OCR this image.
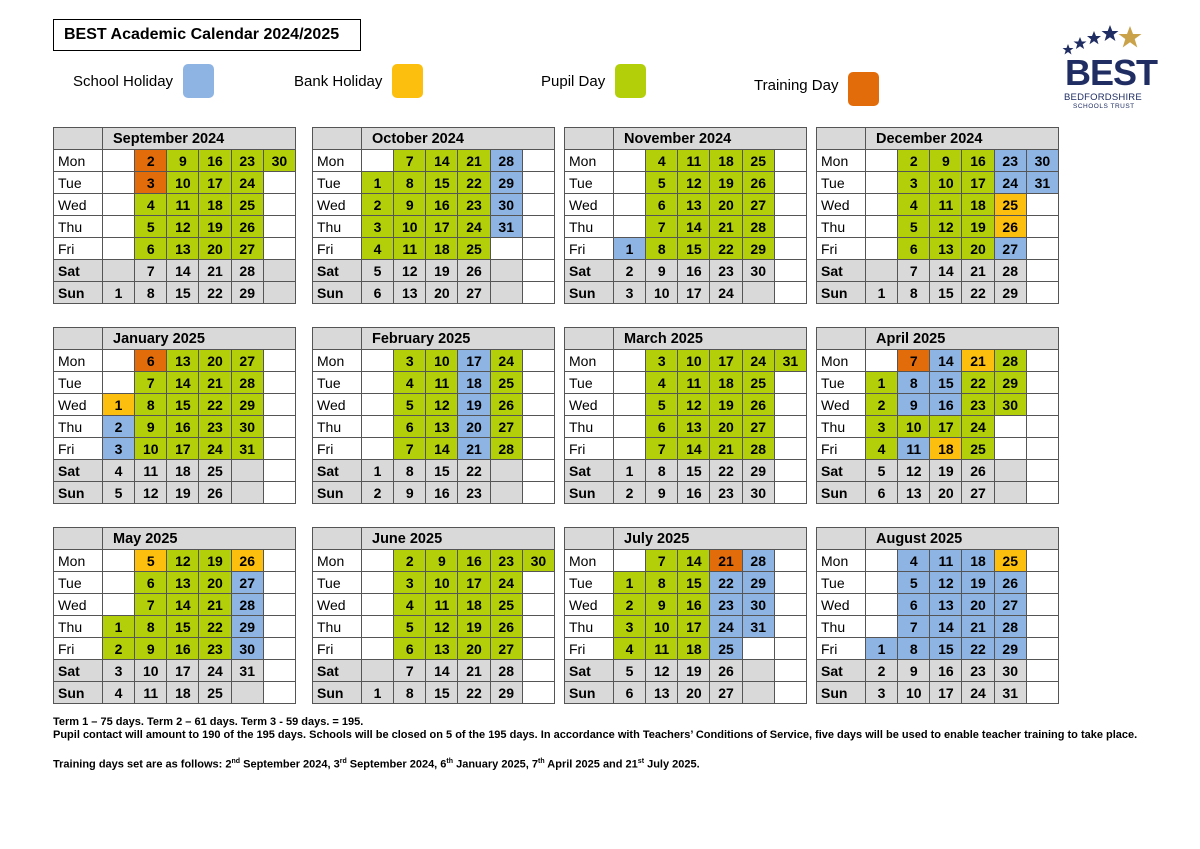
BEST Academic Calendar 2024/2025
School Holiday	Bank Holiday	Pupil Day	Training Day	BEST
BEDFORDSHIRE
SCHOOLS TRUST
	September 2024					
Mon		2	9	16	23	30
Tue		3	10	17	24	
Wed		4	11	18	25	
Thu		5	12	19	26	
Fri		6	13	20	27	
Sat		7	14	21	28	
Sun	1	8	15	22	29	
	October 2024					
Mon		7	14	21	28	
Tue	1	8	15	22	29	
Wed	2	9	16	23	30	
Thu	3	10	17	24	31	
Fri	4	11	18	25		
Sat	5	12	19	26		
Sun	6	13	20	27		
	November 2024					
Mon		4	11	18	25	
Tue		5	12	19	26	
Wed		6	13	20	27	
Thu		7	14	21	28	
Fri	1	8	15	22	29	
Sat	2	9	16	23	30	
Sun	3	10	17	24		
	December 2024					
Mon		2	9	16	23	30
Tue		3	10	17	24	31
Wed		4	11	18	25	
Thu		5	12	19	26	
Fri		6	13	20	27	
Sat		7	14	21	28	
Sun	1	8	15	22	29	
	January 2025					
Mon		6	13	20	27	
Tue		7	14	21	28	
Wed	1	8	15	22	29	
Thu	2	9	16	23	30	
Fri	3	10	17	24	31	
Sat	4	11	18	25		
Sun	5	12	19	26		
	February 2025					
Mon		3	10	17	24	
Tue		4	11	18	25	
Wed		5	12	19	26	
Thu		6	13	20	27	
Fri		7	14	21	28	
Sat	1	8	15	22		
Sun	2	9	16	23		
	March 2025					
Mon		3	10	17	24	31
Tue		4	11	18	25	
Wed		5	12	19	26	
Thu		6	13	20	27	
Fri		7	14	21	28	
Sat	1	8	15	22	29	
Sun	2	9	16	23	30	
	April 2025					
Mon		7	14	21	28	
Tue	1	8	15	22	29	
Wed	2	9	16	23	30	
Thu	3	10	17	24		
Fri	4	11	18	25		
Sat	5	12	19	26		
Sun	6	13	20	27		
	May 2025					
Mon		5	12	19	26	
Tue		6	13	20	27	
Wed		7	14	21	28	
Thu	1	8	15	22	29	
Fri	2	9	16	23	30	
Sat	3	10	17	24	31	
Sun	4	11	18	25		
	June 2025					
Mon		2	9	16	23	30
Tue		3	10	17	24	
Wed		4	11	18	25	
Thu		5	12	19	26	
Fri		6	13	20	27	
Sat		7	14	21	28	
Sun	1	8	15	22	29	
	July 2025					
Mon		7	14	21	28	
Tue	1	8	15	22	29	
Wed	2	9	16	23	30	
Thu	3	10	17	24	31	
Fri	4	11	18	25		
Sat	5	12	19	26		
Sun	6	13	20	27		
	August 2025					
Mon		4	11	18	25	
Tue		5	12	19	26	
Wed		6	13	20	27	
Thu		7	14	21	28	
Fri	1	8	15	22	29	
Sat	2	9	16	23	30	
Sun	3	10	17	24	31	

Term 1 – 75 days. Term 2 – 61 days. Term 3 - 59 days. = 195.

Pupil contact will amount to 190 of the 195 days. Schools will be closed on 5 of the 195 days. In accordance with Teachers’ Conditions of Service, five days will be used to enable teacher training to take place.

Training days set are as follows: 2nd September 2024, 3rd September 2024, 6th January 2025, 7th April 2025 and 21st July 2025.
